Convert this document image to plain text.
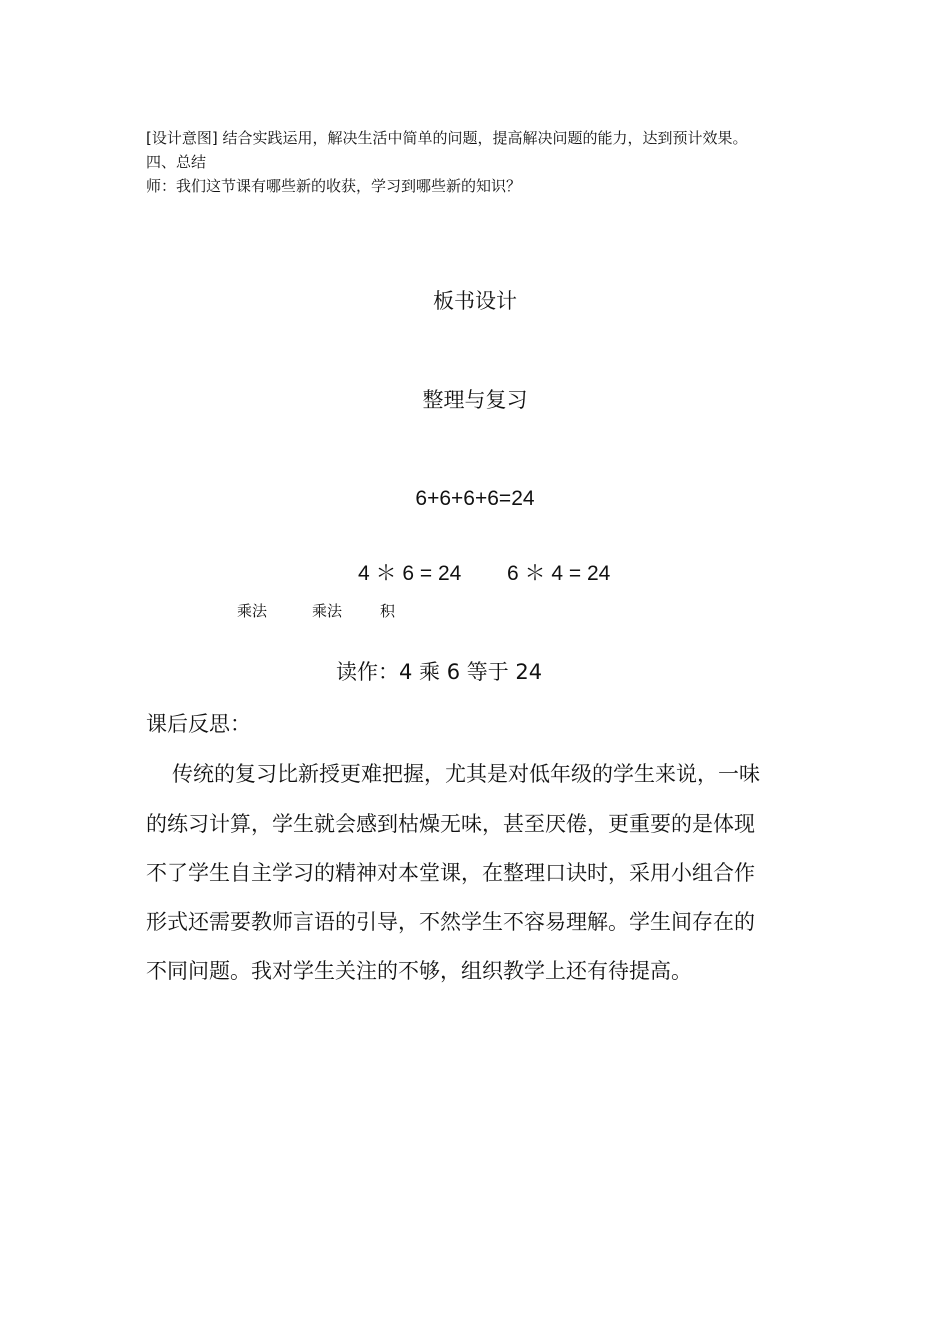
[设计意图] 结合实践运用，解决生活中简单的问题，提高解决问题的能力，达到预计效果。
四、总结
师：我们这节课有哪些新的收获，学习到哪些新的知识？
板书设计
整理与复习
6+6+6+6=24
4 ＊ 6 = 24 6 ＊ 4 = 24
乘法	乘法	积
读作：4 乘 6 等于 24
课后反思：
传统的复习比新授更难把握，尤其是对低年级的学生来说，一味
的练习计算，学生就会感到枯燥无味，甚至厌倦，更重要的是体现
不了学生自主学习的精神对本堂课，在整理口诀时，采用小组合作
形式还需要教师言语的引导，不然学生不容易理解。学生间存在的
不同问题。我对学生关注的不够，组织教学上还有待提高。
